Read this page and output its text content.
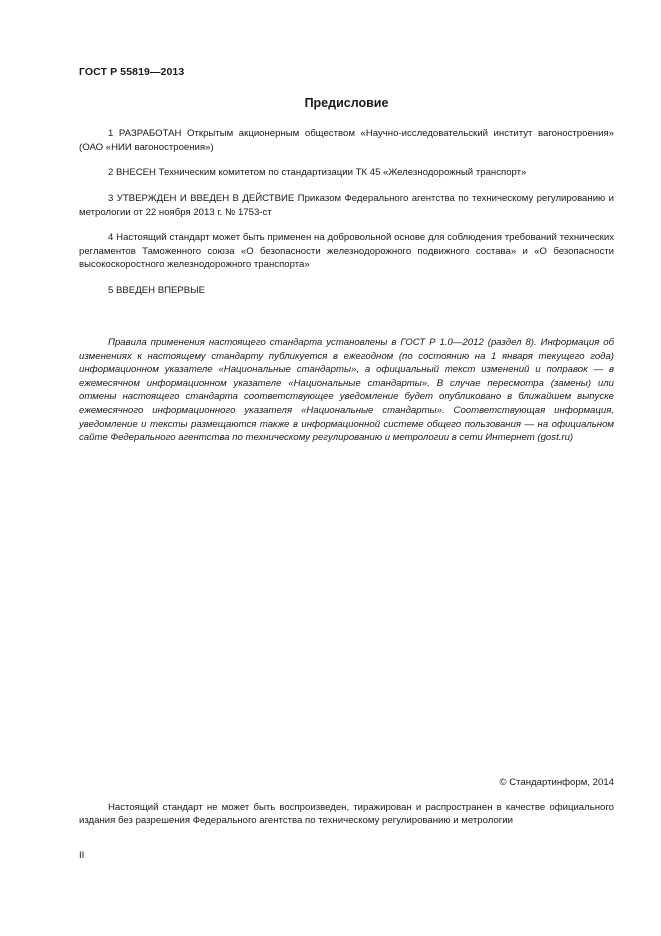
ГОСТ Р 55819—2013
Предисловие
1 РАЗРАБОТАН Открытым акционерным обществом «Научно-исследовательский институт вагоностроения» (ОАО «НИИ вагоностроения»)
2 ВНЕСЕН Техническим комитетом по стандартизации ТК 45 «Железнодорожный транспорт»
3 УТВЕРЖДЕН И ВВЕДЕН В ДЕЙСТВИЕ Приказом Федерального агентства по техническому регулированию и метрологии от 22 ноября 2013 г. № 1753-ст
4 Настоящий стандарт может быть применен на добровольной основе для соблюдения требований технических регламентов Таможенного союза «О безопасности железнодорожного подвижного состава» и «О безопасности высокоскоростного железнодорожного транспорта»
5 ВВЕДЕН ВПЕРВЫЕ
Правила применения настоящего стандарта установлены в ГОСТ Р 1.0—2012 (раздел 8). Информация об изменениях к настоящему стандарту публикуется в ежегодном (по состоянию на 1 января текущего года) информационном указателе «Национальные стандарты», а официальный текст изменений и поправок — в ежемесячном информационном указателе «Национальные стандарты». В случае пересмотра (замены) или отмены настоящего стандарта соответствующее уведомление будет опубликовано в ближайшем выпуске ежемесячного информационного указателя «Национальные стандарты». Соответствующая информация, уведомление и тексты размещаются также в информационной системе общего пользования — на официальном сайте Федерального агентства по техническому регулированию и метрологии в сети Интернет (gost.ru)
© Стандартинформ, 2014
Настоящий стандарт не может быть воспроизведен, тиражирован и распространен в качестве официального издания без разрешения Федерального агентства по техническому регулированию и метрологии
II
